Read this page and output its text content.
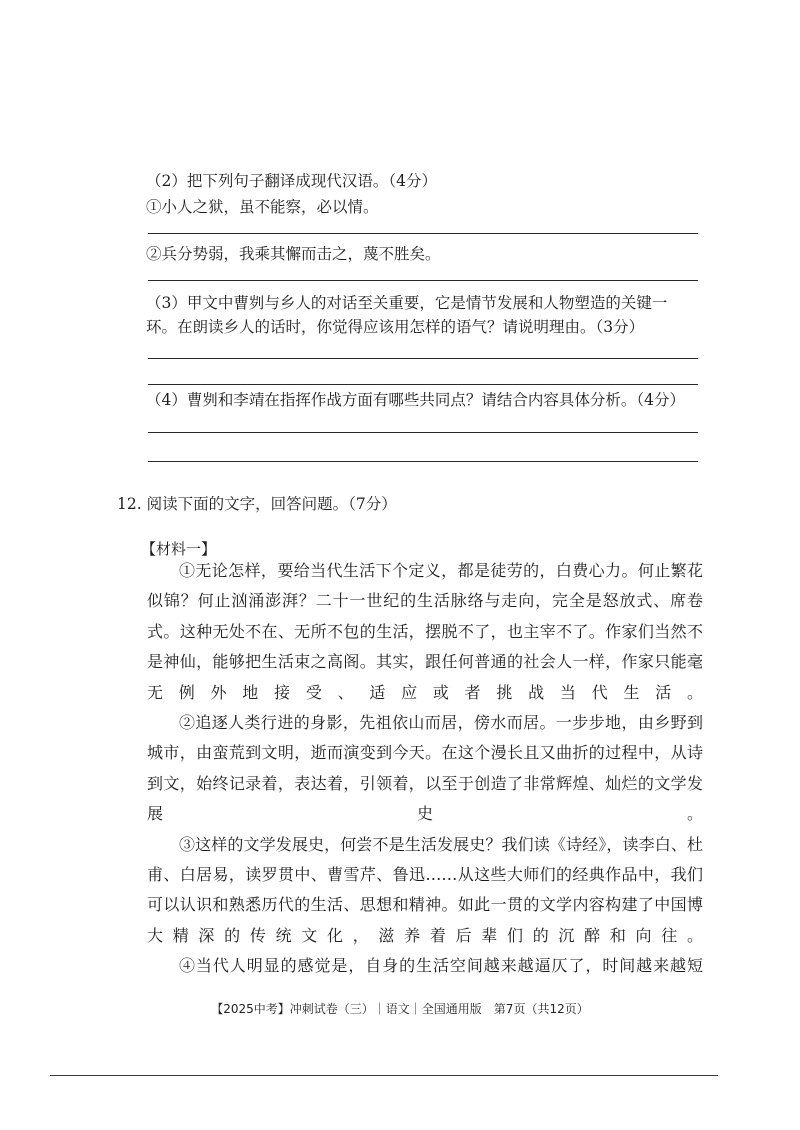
（2）把下列句子翻译成现代汉语。（4分）
①小人之狱，虽不能察，必以情。
②兵分势弱，我乘其懈而击之，蔑不胜矣。
（3）甲文中曹刿与乡人的对话至关重要，它是情节发展和人物塑造的关键一
环。在朗读乡人的话时，你觉得应该用怎样的语气？请说明理由。（3分）
（4）曹刿和李靖在指挥作战方面有哪些共同点？请结合内容具体分析。（4分）
12. 阅读下面的文字，回答问题。（7分）
【材料一】

①无论怎样，要给当代生活下个定义，都是徒劳的，白费心力。何止繁花似锦？何止汹涌澎湃？二十一世纪的生活脉络与走向，完全是怒放式、席卷式。这种无处不在、无所不包的生活，摆脱不了，也主宰不了。作家们当然不是神仙，能够把生活束之高阁。其实，跟任何普通的社会人一样，作家只能毫无例外地接受、适应或者挑战当代生活。

②追逐人类行进的身影，先祖依山而居，傍水而居。一步步地，由乡野到城市，由蛮荒到文明，逝而演变到今天。在这个漫长且又曲折的过程中，从诗到文，始终记录着，表达着，引领着，以至于创造了非常辉煌、灿烂的文学发展史。

③这样的文学发展史，何尝不是生活发展史？我们读《诗经》，读李白、杜甫、白居易，读罗贯中、曹雪芹、鲁迅……从这些大师们的经典作品中，我们可以认识和熟悉历代的生活、思想和精神。如此一贯的文学内容构建了中国博大精深的传统文化，滋养着后辈们的沉醉和向往。

④当代人明显的感觉是，自身的生活空间越来越逼仄了，时间越来越短

【2025中考】冲刺试卷（三）｜语文｜全国通用版　第7页（共12页）
